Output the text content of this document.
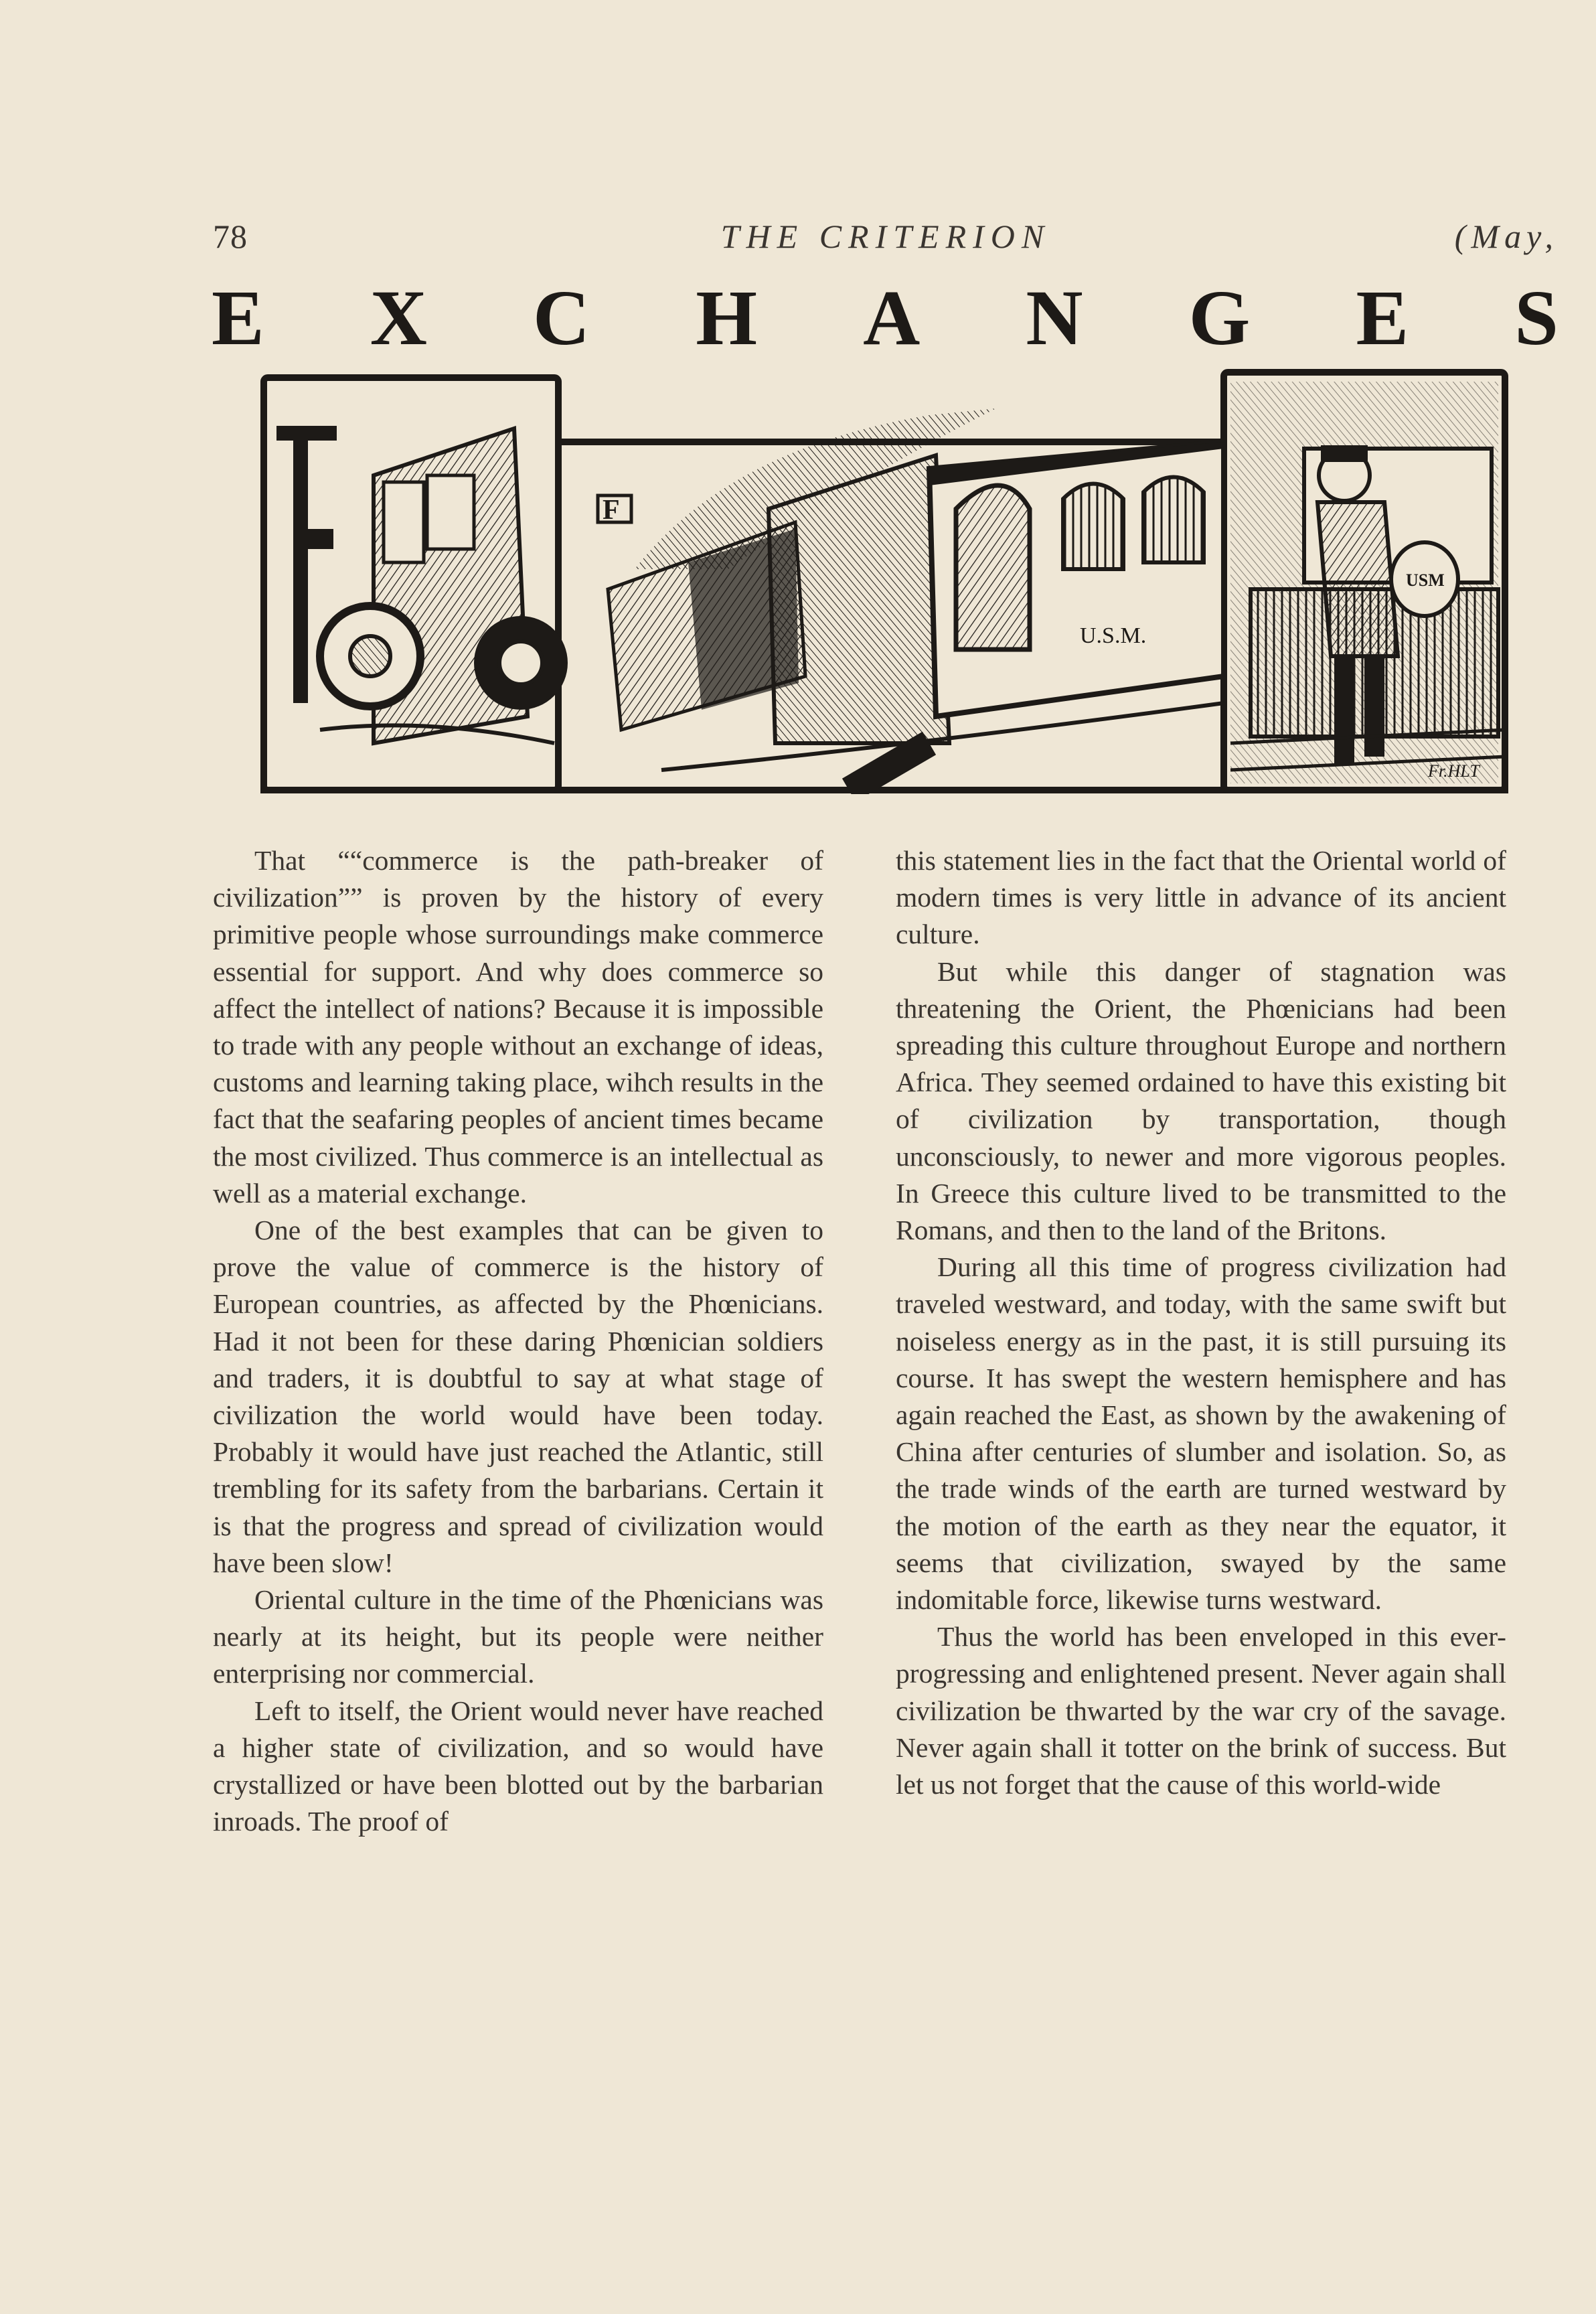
78	THE CRITERION	(May,
E X C H A N G E S
F
U.S.M.
USM
Fr.HLT

That ““commerce is the path-breaker of civilization”” is proven by the history of every primitive people whose surroundings make commerce essential for support. And why does commerce so affect the intellect of nations? Because it is impossible to trade with any people without an exchange of ideas, customs and learning taking place, wihch results in the fact that the seafaring peoples of ancient times became the most civilized. Thus commerce is an intellectual as well as a material exchange.

One of the best examples that can be given to prove the value of commerce is the history of European countries, as affected by the Phœnicians. Had it not been for these daring Phœnician soldiers and traders, it is doubtful to say at what stage of civilization the world would have been today. Probably it would have just reached the Atlantic, still trembling for its safety from the barbarians. Certain it is that the progress and spread of civilization would have been slow!

Oriental culture in the time of the Phœnicians was nearly at its height, but its people were neither enterprising nor commercial.

Left to itself, the Orient would never have reached a higher state of civilization, and so would have crystallized or have been blotted out by the barbarian inroads. The proof of

this statement lies in the fact that the Oriental world of modern times is very little in advance of its ancient culture.

But while this danger of stagnation was threatening the Orient, the Phœnicians had been spreading this culture throughout Europe and northern Africa. They seemed ordained to have this existing bit of civilization by transportation, though unconsciously, to newer and more vigorous peoples. In Greece this culture lived to be transmitted to the Romans, and then to the land of the Britons.

During all this time of progress civilization had traveled westward, and today, with the same swift but noiseless energy as in the past, it is still pursuing its course. It has swept the western hemisphere and has again reached the East, as shown by the awakening of China after centuries of slumber and isolation. So, as the trade winds of the earth are turned westward by the motion of the earth as they near the equator, it seems that civilization, swayed by the same indomitable force, likewise turns westward.

Thus the world has been enveloped in this ever-progressing and enlightened present. Never again shall civilization be thwarted by the war cry of the savage. Never again shall it totter on the brink of success. But let us not forget that the cause of this world-wide
